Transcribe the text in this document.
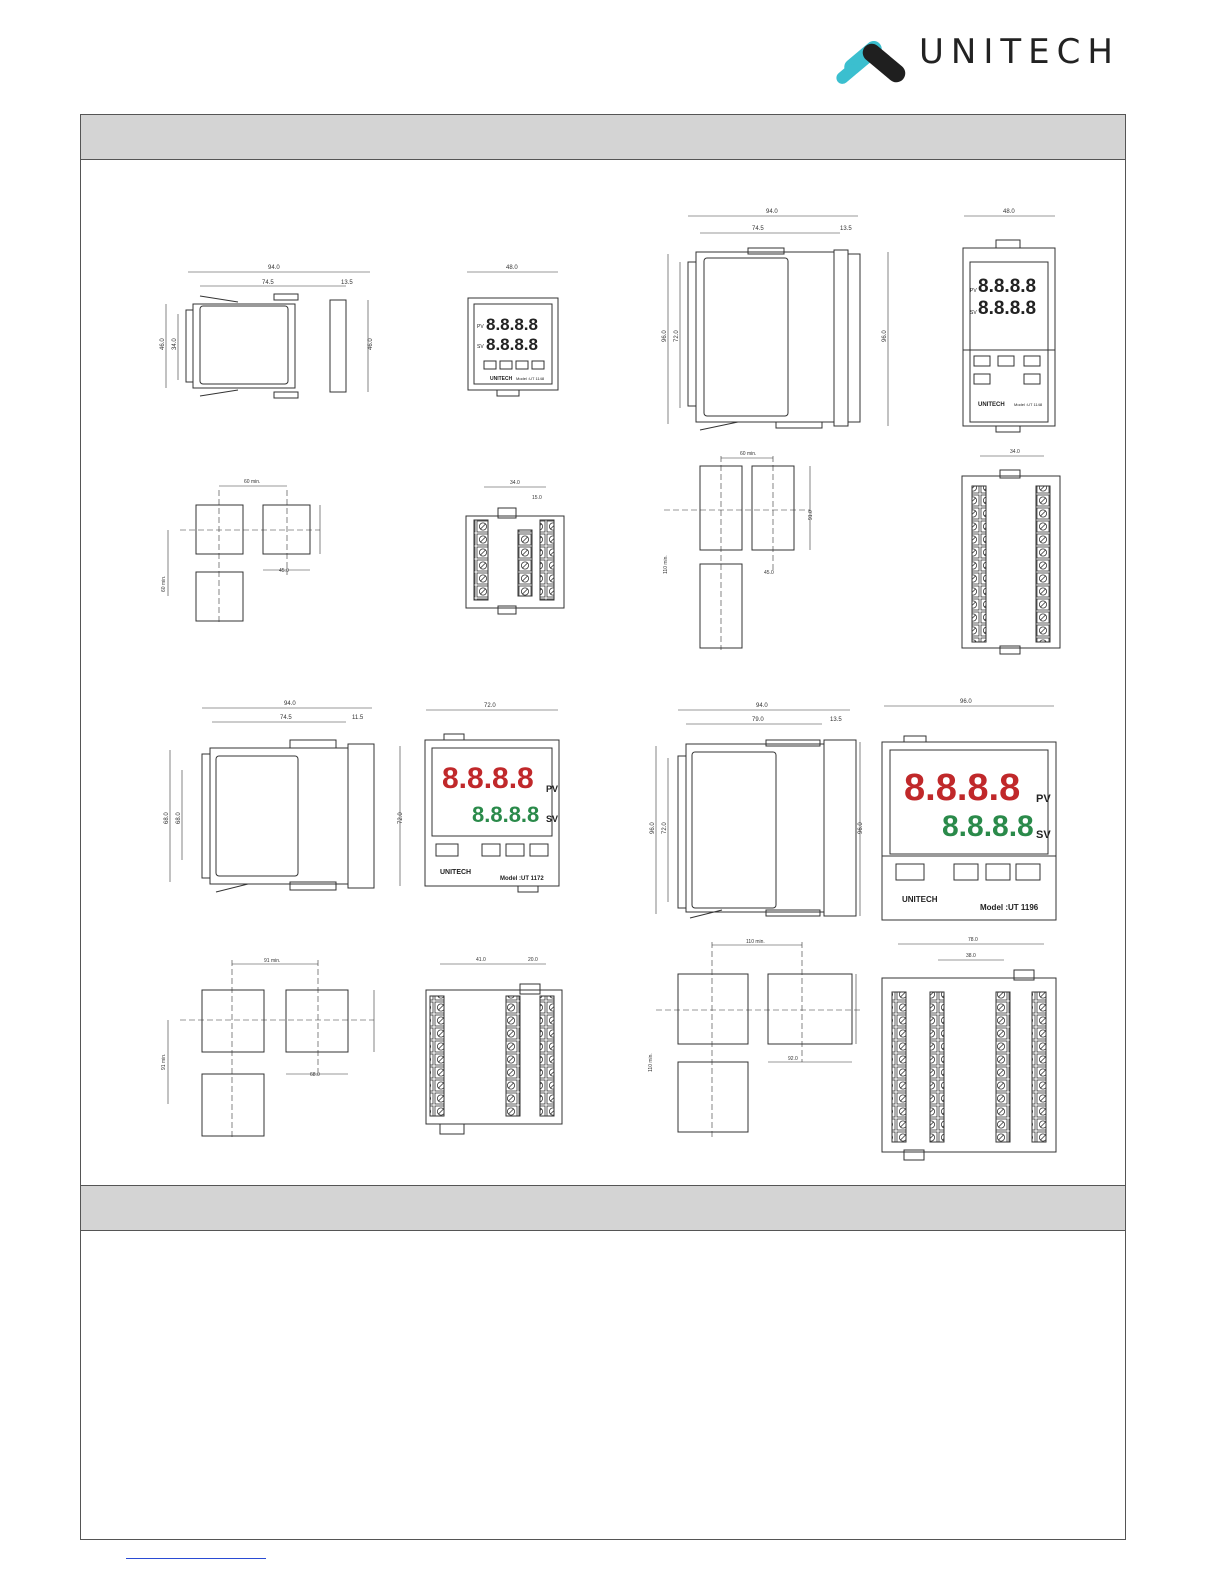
UNITECH
94.0
74.5	13.5
46.0 34.0	46.0
48.0
8.8.8.8
8.8.8.8
PV
SV
UNITECH Model :UT 1148
60 min.
60 min.
45.0
34.0
15.0
94.0
74.5	13.5
96.0 72.0	96.0
48.0
8.8.8.8
8.8.8.8
PV
SV
UNITECH Model :UT 1148
60 min.
110 min.	45.0
91.0
34.0
94.0
74.5	11.5
68.0 68.0	72.0
72.0
8.8.8.8
8.8.8.8
PV
SV
UNITECH
Model :UT 1172
91 min.
91 min.
68.0
41.0	20.0
94.0
79.0	13.5
96.0 72.0	96.0
96.0
8.8.8.8
8.8.8.8
PV
SV
UNITECH
Model :UT 1196
110 min.
110 min.	92.0
78.0
38.0
